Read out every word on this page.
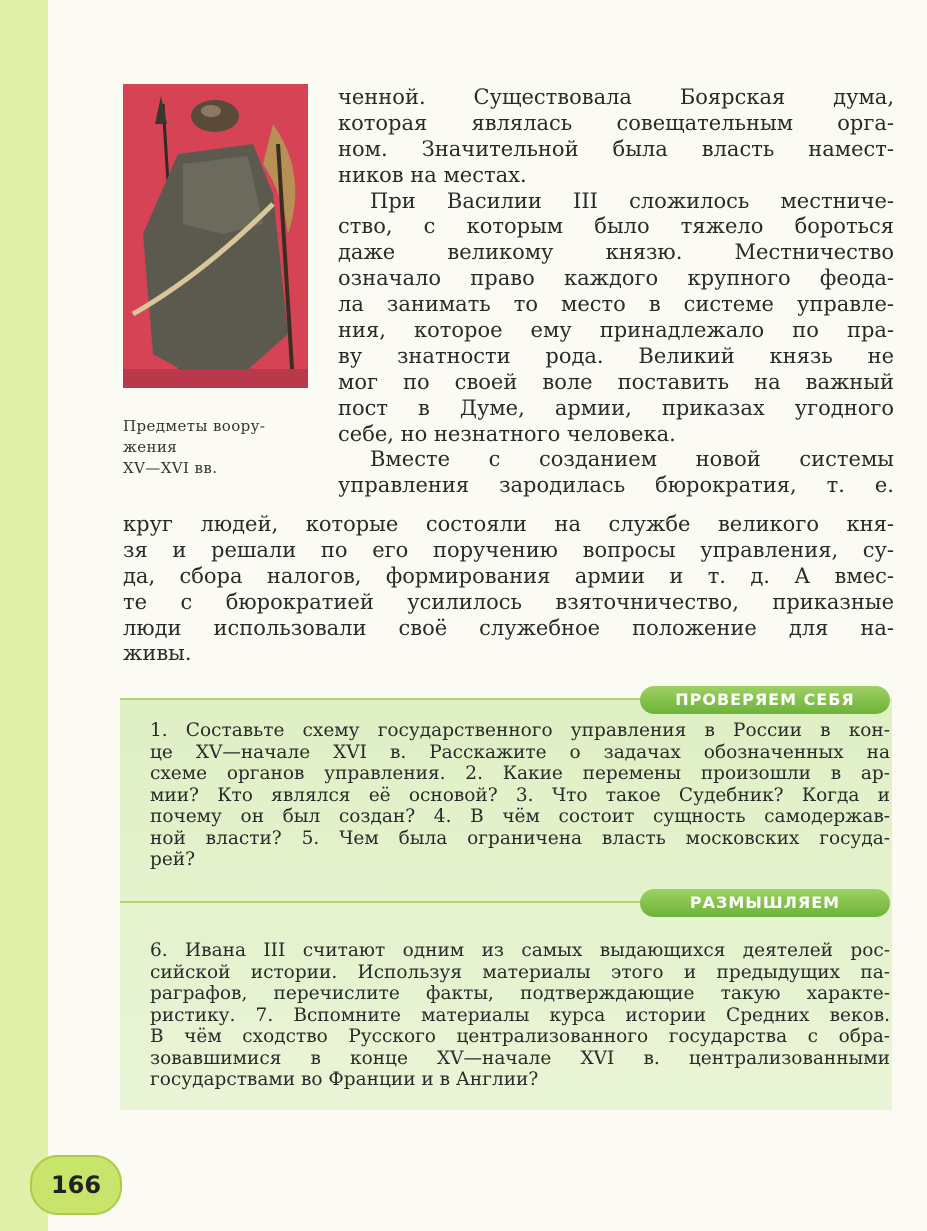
Предметы воору-
жения
XV—XVI вв.
ченной. Существовала Боярская дума,
которая являлась совещательным орга-
ном. Значительной была власть намест-
ников на местах.
При Василии III сложилось местниче-
ство, с которым было тяжело бороться
даже великому князю. Местничество
означало право каждого крупного феода-
ла занимать то место в системе управле-
ния, которое ему принадлежало по пра-
ву знатности рода. Великий князь не
мог по своей воле поставить на важный
пост в Думе, армии, приказах угодного
себе, но незнатного человека.
Вместе с созданием новой системы
управления зародилась бюрократия, т. е.
круг людей, которые состояли на службе великого кня-
зя и решали по его поручению вопросы управления, су-
да, сбора налогов, формирования армии и т. д. А вмес-
те с бюрократией усилилось взяточничество, приказные
люди использовали своё служебное положение для на-
живы.
ПРОВЕРЯЕМ СЕБЯ
1. Составьте схему государственного управления в России в кон-
це XV—начале XVI в. Расскажите о задачах обозначенных на
схеме органов управления. 2. Какие перемены произошли в ар-
мии? Кто являлся её основой? 3. Что такое Судебник? Когда и
почему он был создан? 4. В чём состоит сущность самодержав-
ной власти? 5. Чем была ограничена власть московских госуда-
рей?
РАЗМЫШЛЯЕМ
6. Ивана III считают одним из самых выдающихся деятелей рос-
сийской истории. Используя материалы этого и предыдущих па-
раграфов, перечислите факты, подтверждающие такую характе-
ристику. 7. Вспомните материалы курса истории Средних веков.
В чём сходство Русского централизованного государства с обра-
зовавшимися в конце XV—начале XVI в. централизованными
государствами во Франции и в Англии?
166
